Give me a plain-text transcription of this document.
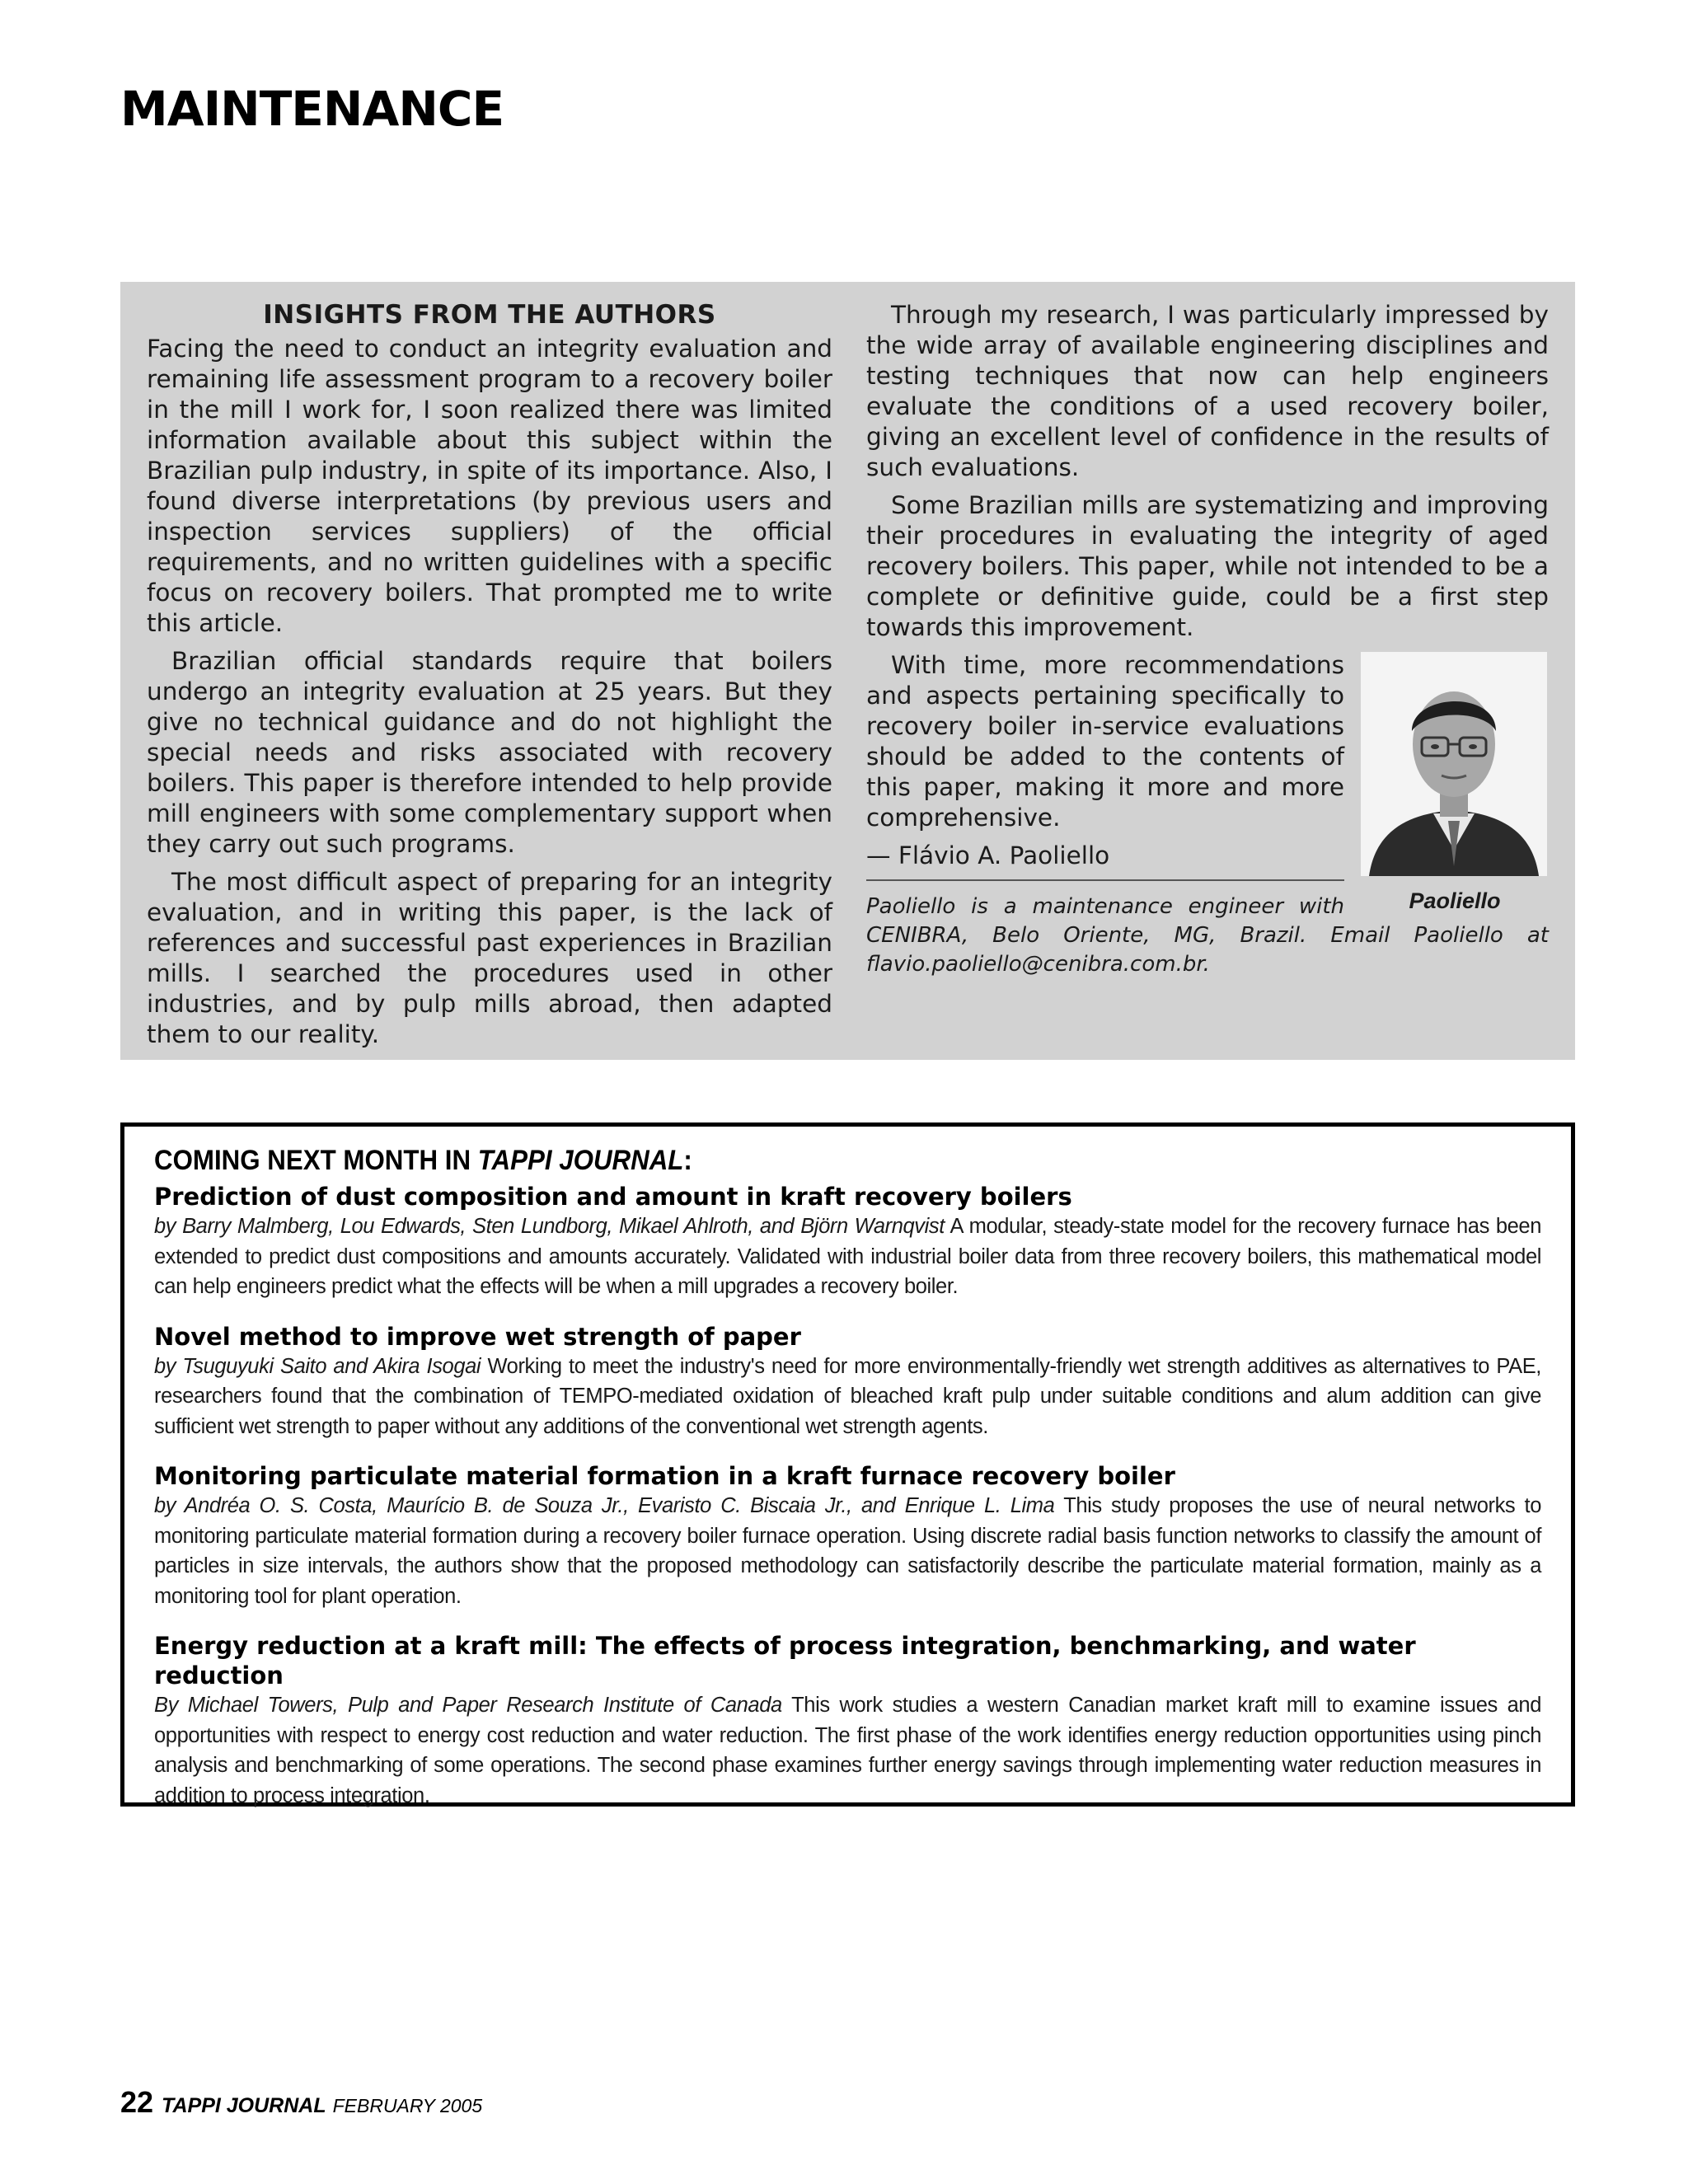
MAINTENANCE
INSIGHTS FROM THE AUTHORS

Facing the need to conduct an integrity evaluation and remaining life assessment program to a recovery boiler in the mill I work for, I soon realized there was limited information available about this subject within the Brazilian pulp industry, in spite of its importance. Also, I found diverse interpretations (by previous users and inspection services suppliers) of the official requirements, and no written guidelines with a specific focus on recovery boilers. That prompted me to write this article.

Brazilian official standards require that boilers undergo an integrity evaluation at 25 years. But they give no technical guidance and do not highlight the special needs and risks associated with recovery boilers. This paper is therefore intended to help provide mill engineers with some complementary support when they carry out such programs.

The most difficult aspect of preparing for an integrity evaluation, and in writing this paper, is the lack of references and successful past experiences in Brazilian mills. I searched the procedures used in other industries, and by pulp mills abroad, then adapted them to our reality.

Through my research, I was particularly impressed by the wide array of available engineering disciplines and testing techniques that now can help engineers evaluate the conditions of a used recovery boiler, giving an excellent level of confidence in the results of such evaluations.

Some Brazilian mills are systematizing and improving their procedures in evaluating the integrity of aged recovery boilers. This paper, while not intended to be a complete or definitive guide, could be a first step towards this improvement.

Paoliello

With time, more recommendations and aspects pertaining specifically to recovery boiler in-service evaluations should be added to the contents of this paper, making it more and more comprehensive.

— Flávio A. Paoliello

Paoliello is a maintenance engineer with CENIBRA, Belo Oriente, MG, Brazil. Email Paoliello at flavio.paoliello@cenibra.com.br.

COMING NEXT MONTH IN TAPPI JOURNAL:

Prediction of dust composition and amount in kraft recovery boilers

by Barry Malmberg, Lou Edwards, Sten Lundborg, Mikael Ahlroth, and Björn Warnqvist A modular, steady-state model for the recovery furnace has been extended to predict dust compositions and amounts accurately. Validated with industrial boiler data from three recovery boilers, this mathematical model can help engineers predict what the effects will be when a mill upgrades a recovery boiler.

Novel method to improve wet strength of paper

by Tsuguyuki Saito and Akira Isogai Working to meet the industry's need for more environmentally-friendly wet strength additives as alternatives to PAE, researchers found that the combination of TEMPO-mediated oxidation of bleached kraft pulp under suitable conditions and alum addition can give sufficient wet strength to paper without any additions of the conventional wet strength agents.

Monitoring particulate material formation in a kraft furnace recovery boiler

by Andréa O. S. Costa, Maurício B. de Souza Jr., Evaristo C. Biscaia Jr., and Enrique L. Lima This study proposes the use of neural networks to monitoring particulate material formation during a recovery boiler furnace operation. Using discrete radial basis function networks to classify the amount of particles in size intervals, the authors show that the proposed methodology can satisfactorily describe the particulate material formation, mainly as a monitoring tool for plant operation.

Energy reduction at a kraft mill: The effects of process integration, benchmarking, and water reduction

By Michael Towers, Pulp and Paper Research Institute of Canada This work studies a western Canadian market kraft mill to examine issues and opportunities with respect to energy cost reduction and water reduction. The first phase of the work identifies energy reduction opportunities using pinch analysis and benchmarking of some operations. The second phase examines further energy savings through implementing water reduction measures in addition to process integration.

22 TAPPI JOURNAL FEBRUARY 2005
